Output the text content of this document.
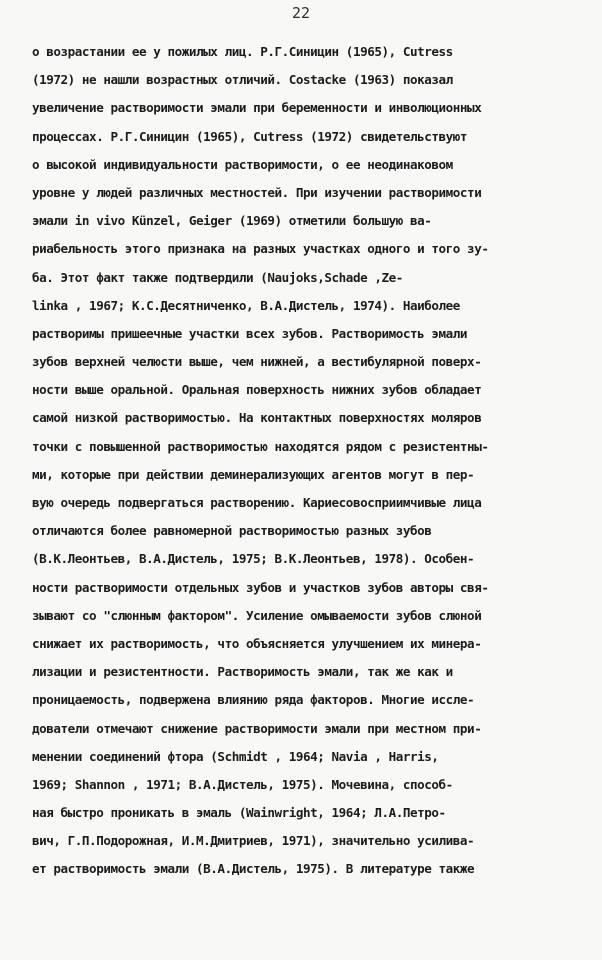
22
о возрастании ее у пожилых лиц. Р.Г.Синицин (1965), Cutress
(1972) не нашли возрастных отличий. Costacke (1963) показал
увеличение растворимости эмали при беременности и инволюционных
процессах. Р.Г.Синицин (1965), Cutress (1972) свидетельствуют
о высокой индивидуальности растворимости, о ее неодинаковом
уровне у людей различных местностей. При изучении растворимости
эмали in vivo Künzel, Geiger (1969) отметили большую ва-
риабельность этого признака на разных участках одного и того зу-
ба. Этот факт также подтвердили (Naujoks,Schade ,Ze-
linka , 1967; К.С.Десятниченко, В.А.Дистель, 1974). Наиболее
растворимы пришеечные участки всех зубов. Растворимость эмали
зубов верхней челюсти выше, чем нижней, а вестибулярной поверх-
ности выше оральной. Оральная поверхность нижних зубов обладает
самой низкой растворимостью. На контактных поверхностях моляров
точки с повышенной растворимостью находятся рядом с резистентны-
ми, которые при действии деминерализующих агентов могут в пер-
вую очередь подвергаться растворению. Кариесовосприимчивые лица
отличаются более равномерной растворимостью разных зубов
(В.К.Леонтьев, В.А.Дистель, 1975; В.К.Леонтьев, 1978). Особен-
ности растворимости отдельных зубов и участков зубов авторы свя-
зывают со "слюнным фактором". Усиление омываемости зубов слюной
снижает их растворимость, что объясняется улучшением их минера-
лизации и резистентности. Растворимость эмали, так же как и
проницаемость, подвержена влиянию ряда факторов. Многие иссле-
дователи отмечают снижение растворимости эмали при местном при-
менении соединений фтора (Schmidt , 1964; Navia , Harris,
1969; Shannon , 1971; В.А.Дистель, 1975). Мочевина, способ-
ная быстро проникать в эмаль (Wainwright, 1964; Л.А.Петро-
вич, Г.П.Подорожная, И.М.Дмитриев, 1971), значительно усилива-
ет растворимость эмали (В.А.Дистель, 1975). В литературе также
